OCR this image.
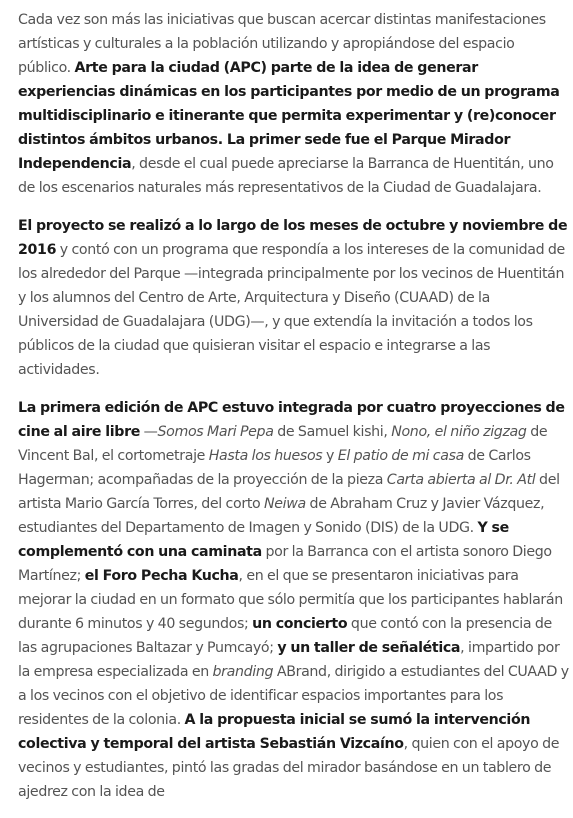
Cada vez son más las iniciativas que buscan acercar distintas manifestaciones artísticas y culturales a la población utilizando y apropiándose del espacio público. Arte para la ciudad (APC) parte de la idea de generar experiencias dinámicas en los participantes por medio de un programa multidisciplinario e itinerante que permita experimentar y (re)conocer distintos ámbitos urbanos. La primer sede fue el Parque Mirador Independencia, desde el cual puede apreciarse la Barranca de Huentitán, uno de los escenarios naturales más representativos de la Ciudad de Guadalajara.

El proyecto se realizó a lo largo de los meses de octubre y noviembre de 2016 y contó con un programa que respondía a los intereses de la comunidad de los alrededor del Parque —integrada principalmente por los vecinos de Huentitán y los alumnos del Centro de Arte, Arquitectura y Diseño (CUAAD) de la Universidad de Guadalajara (UDG)—, y que extendía la invitación a todos los públicos de la ciudad que quisieran visitar el espacio e integrarse a las actividades.

La primera edición de APC estuvo integrada por cuatro proyecciones de cine al aire libre —Somos Mari Pepa de Samuel kishi, Nono, el niño zigzag de Vincent Bal, el cortometraje Hasta los huesos y El patio de mi casa de Carlos Hagerman; acompañadas de la proyección de la pieza Carta abierta al Dr. Atl del artista Mario García Torres, del corto Neiwa de Abraham Cruz y Javier Vázquez, estudiantes del Departamento de Imagen y Sonido (DIS) de la UDG. Y se complementó con una caminata por la Barranca con el artista sonoro Diego Martínez; el Foro Pecha Kucha, en el que se presentaron iniciativas para mejorar la ciudad en un formato que sólo permitía que los participantes hablarán durante 6 minutos y 40 segundos; un concierto que contó con la presencia de las agrupaciones Baltazar y Pumcayó; y un taller de señalética, impartido por la empresa especializada en branding ABrand, dirigido a estudiantes del CUAAD y a los vecinos con el objetivo de identificar espacios importantes para los residentes de la colonia. A la propuesta inicial se sumó la intervención colectiva y temporal del artista Sebastián Vizcaíno, quien con el apoyo de vecinos y estudiantes, pintó las gradas del mirador basándose en un tablero de ajedrez con la idea de
